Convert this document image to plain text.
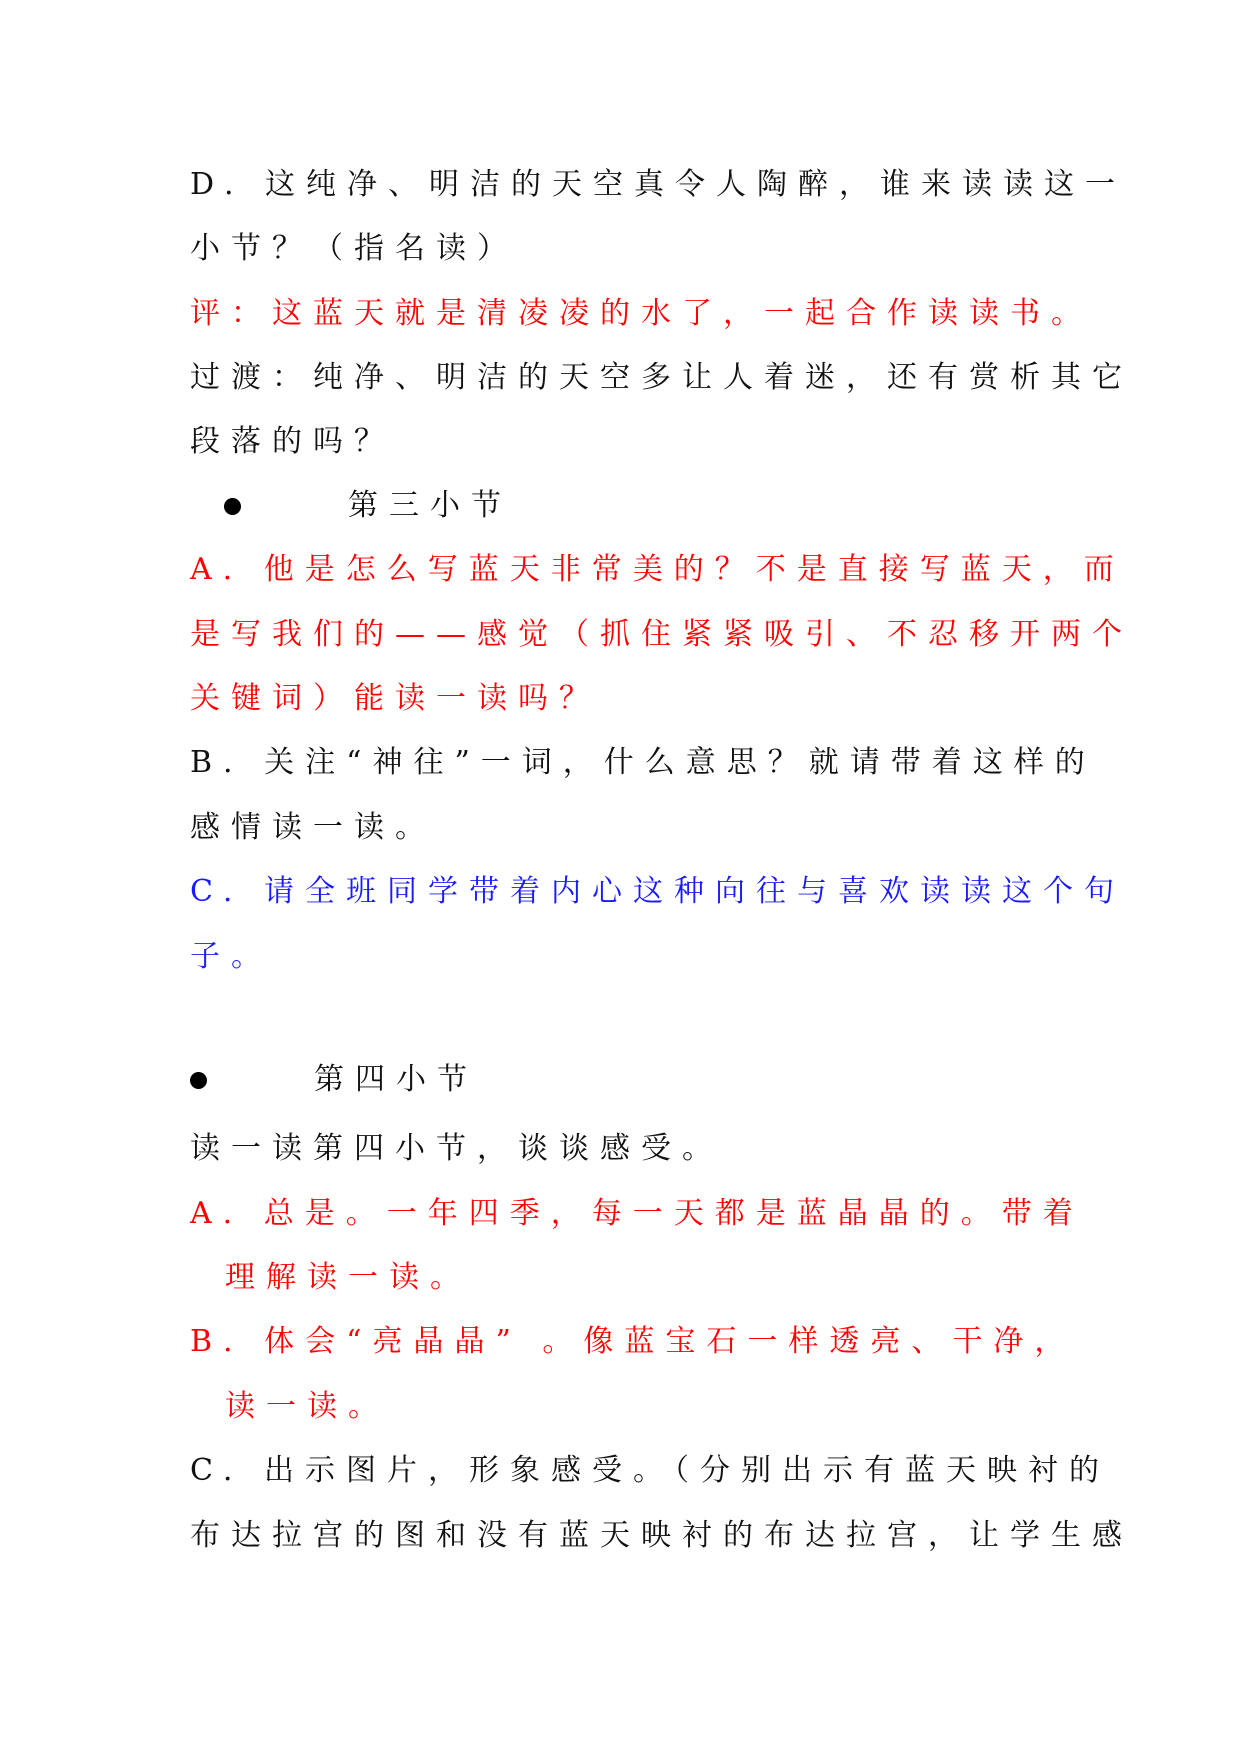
D. 这纯净、明洁的天空真令人陶醉，谁来读读这一
小节？（指名读）
评：这蓝天就是清凌凌的水了，一起合作读读书。
过渡：纯净、明洁的天空多让人着迷，还有赏析其它
段落的吗？
第三小节
A. 他是怎么写蓝天非常美的？不是直接写蓝天，而
是写我们的——感觉（抓住紧紧吸引、不忍移开两个
关键词）能读一读吗？
B. 关注“神往”一词，什么意思？就请带着这样的
感情读一读。
C. 请全班同学带着内心这种向往与喜欢读读这个句
子。
第四小节
读一读第四小节，谈谈感受。
A. 总是。一年四季，每一天都是蓝晶晶的。带着
理解读一读。
B. 体会“亮晶晶” 。像蓝宝石一样透亮、干净，
读一读。
C. 出示图片，形象感受。（分别出示有蓝天映衬的
布达拉宫的图和没有蓝天映衬的布达拉宫，让学生感
